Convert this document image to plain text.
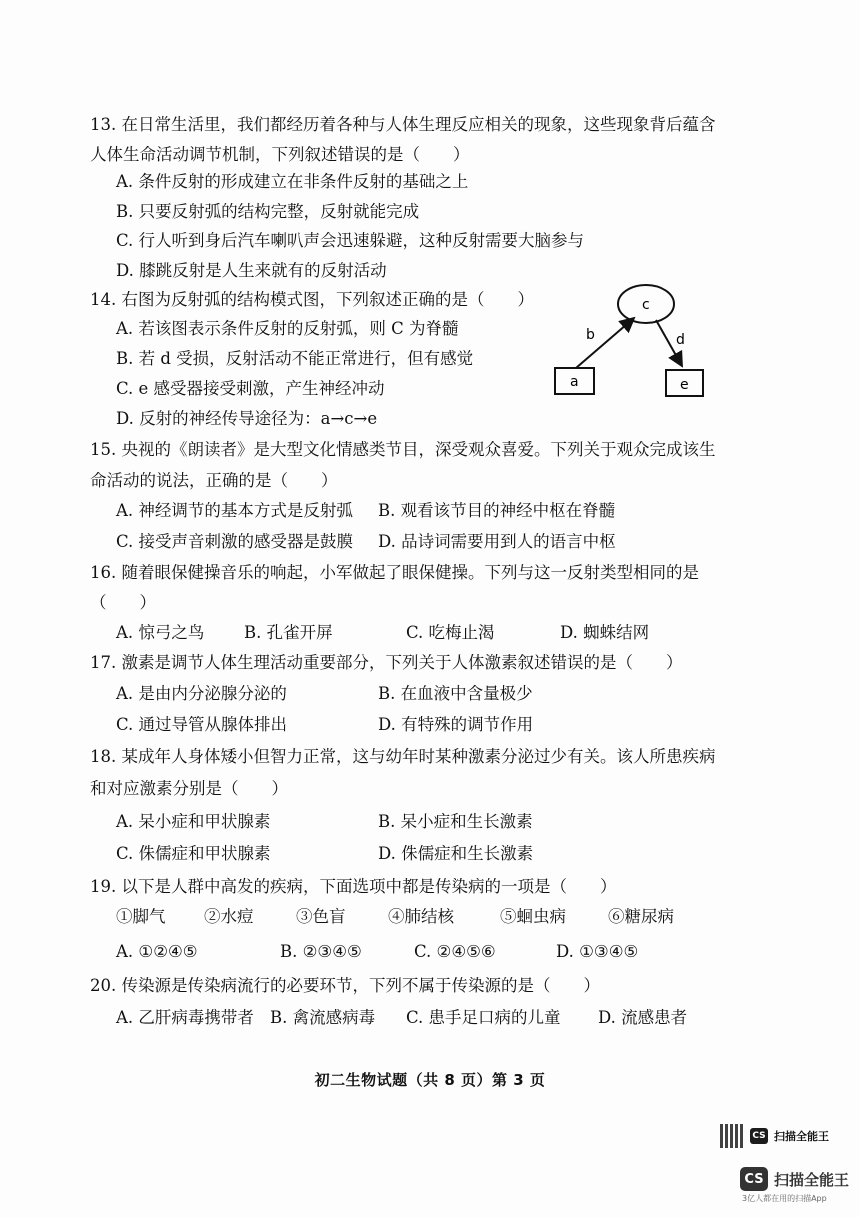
13. 在日常生活里，我们都经历着各种与人体生理反应相关的现象，这些现象背后蕴含
人体生命活动调节机制，下列叙述错误的是（　　）
A. 条件反射的形成建立在非条件反射的基础之上
B. 只要反射弧的结构完整，反射就能完成
C. 行人听到身后汽车喇叭声会迅速躲避，这种反射需要大脑参与
D. 膝跳反射是人生来就有的反射活动
14. 右图为反射弧的结构模式图，下列叙述正确的是（　　）
A. 若该图表示条件反射的反射弧，则 C 为脊髓
B. 若 d 受损，反射活动不能正常进行，但有感觉
C. e 感受器接受刺激，产生神经冲动
D. 反射的神经传导途径为：a→c→e
c
a	e
b	d
15. 央视的《朗读者》是大型文化情感类节目，深受观众喜爱。下列关于观众完成该生
命活动的说法，正确的是（　　）
A. 神经调节的基本方式是反射弧 B. 观看该节目的神经中枢在脊髓
C. 接受声音刺激的感受器是鼓膜 D. 品诗词需要用到人的语言中枢
16. 随着眼保健操音乐的响起，小军做起了眼保健操。下列与这一反射类型相同的是
（　　）
A. 惊弓之鸟 B. 孔雀开屏	C. 吃梅止渴	D. 蜘蛛结网
17. 激素是调节人体生理活动重要部分，下列关于人体激素叙述错误的是（　　）
A. 是由内分泌腺分泌的	B. 在血液中含量极少
C. 通过导管从腺体排出	D. 有特殊的调节作用
18. 某成年人身体矮小但智力正常，这与幼年时某种激素分泌过少有关。该人所患疾病
和对应激素分别是（　　）
A. 呆小症和甲状腺素	B. 呆小症和生长激素
C. 侏儒症和甲状腺素	D. 侏儒症和生长激素
19. 以下是人群中高发的疾病，下面选项中都是传染病的一项是（　　）
①脚气 ②水痘	③色盲	④肺结核	⑤蛔虫病	⑥糖尿病
A. ①②④⑤	B. ②③④⑤	C. ②④⑤⑥	D. ①③④⑤
20. 传染源是传染病流行的必要环节，下列不属于传染源的是（　　）
A. 乙肝病毒携带者 B. 禽流感病毒 C. 患手足口病的儿童 D. 流感患者
初二生物试题（共 8 页）第 3 页
CS 扫描全能王
CS 扫描全能王
3亿人都在用的扫描App
